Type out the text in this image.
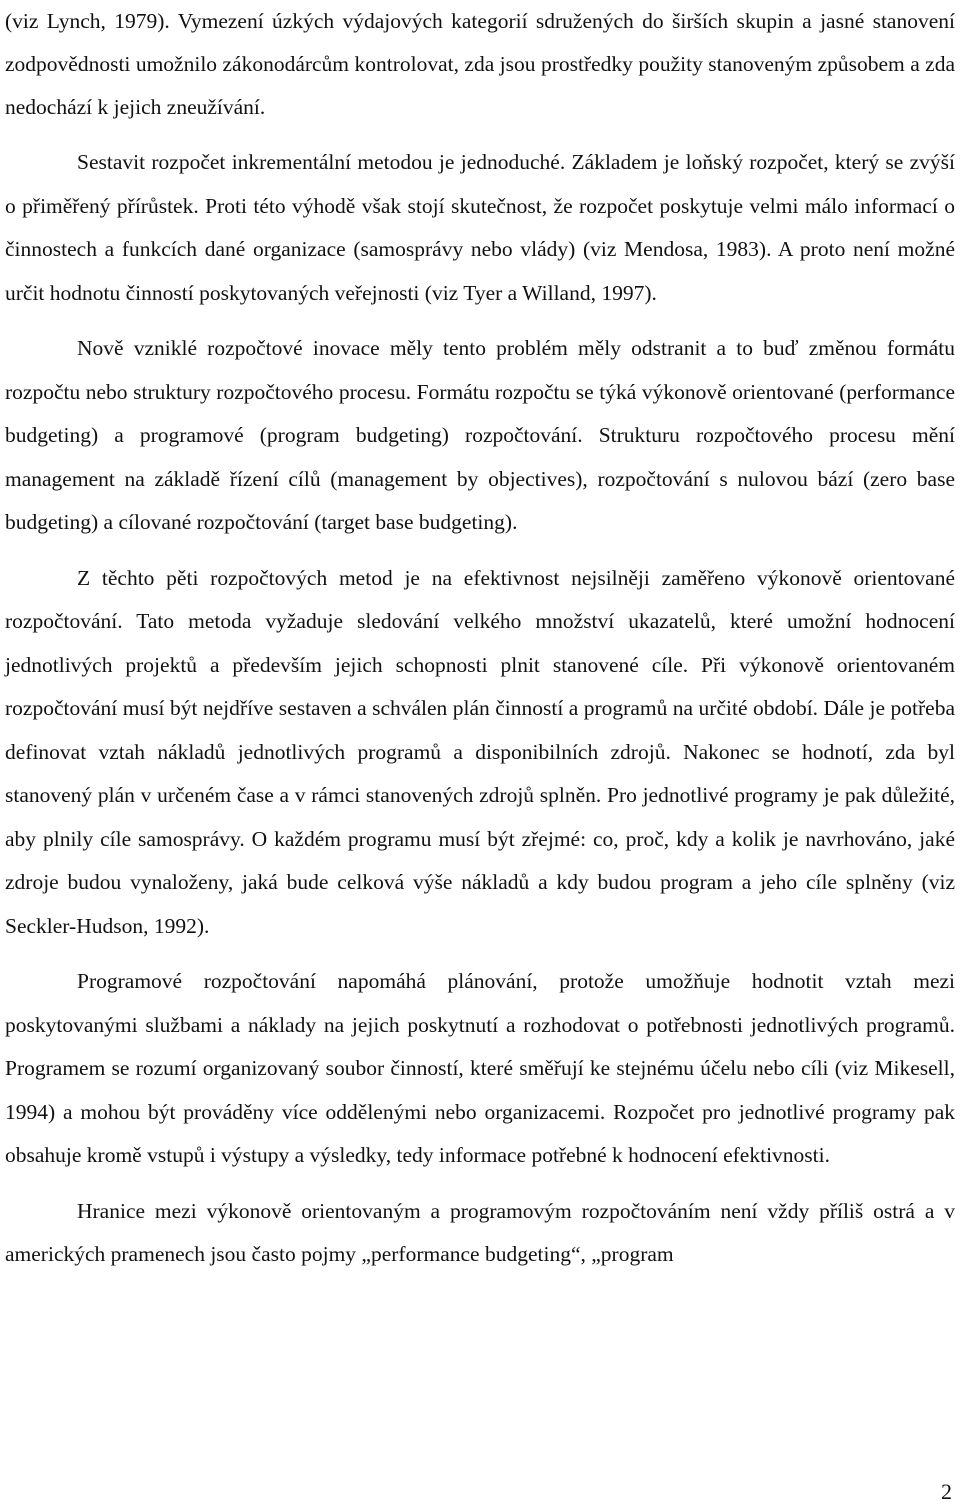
(viz Lynch, 1979). Vymezení úzkých výdajových kategorií sdružených do širších skupin a jasné stanovení zodpovědnosti umožnilo zákonodárcům kontrolovat, zda jsou prostředky použity stanoveným způsobem a zda nedochází k jejich zneužívání.

Sestavit rozpočet inkrementální metodou je jednoduché. Základem je loňský rozpočet, který se zvýší o přiměřený přírůstek. Proti této výhodě však stojí skutečnost, že rozpočet poskytuje velmi málo informací o činnostech a funkcích dané organizace (samosprávy nebo vlády) (viz Mendosa, 1983). A proto není možné určit hodnotu činností poskytovaných veřejnosti (viz Tyer a Willand, 1997).

Nově vzniklé rozpočtové inovace měly tento problém měly odstranit a to buď změnou formátu rozpočtu nebo struktury rozpočtového procesu. Formátu rozpočtu se týká výkonově orientované (performance budgeting) a programové (program budgeting) rozpočtování. Strukturu rozpočtového procesu mění management na základě řízení cílů (management by objectives), rozpočtování s nulovou bází (zero base budgeting) a cílované rozpočtování (target base budgeting).

Z těchto pěti rozpočtových metod je na efektivnost nejsilněji zaměřeno výkonově orientované rozpočtování. Tato metoda vyžaduje sledování velkého množství ukazatelů, které umožní hodnocení jednotlivých projektů a především jejich schopnosti plnit stanovené cíle. Při výkonově orientovaném rozpočtování musí být nejdříve sestaven a schválen plán činností a programů na určité období. Dále je potřeba definovat vztah nákladů jednotlivých programů a disponibilních zdrojů. Nakonec se hodnotí, zda byl stanovený plán v určeném čase a v rámci stanovených zdrojů splněn. Pro jednotlivé programy je pak důležité, aby plnily cíle samosprávy. O každém programu musí být zřejmé: co, proč, kdy a kolik je navrhováno, jaké zdroje budou vynaloženy, jaká bude celková výše nákladů a kdy budou program a jeho cíle splněny (viz Seckler-Hudson, 1992).

Programové rozpočtování napomáhá plánování, protože umožňuje hodnotit vztah mezi poskytovanými službami a náklady na jejich poskytnutí a rozhodovat o potřebnosti jednotlivých programů. Programem se rozumí organizovaný soubor činností, které směřují ke stejnému účelu nebo cíli (viz Mikesell, 1994) a mohou být prováděny více oddělenými nebo organizacemi. Rozpočet pro jednotlivé programy pak obsahuje kromě vstupů i výstupy a výsledky, tedy informace potřebné k hodnocení efektivnosti.

Hranice mezi výkonově orientovaným a programovým rozpočtováním není vždy příliš ostrá a v amerických pramenech jsou často pojmy „performance budgeting“, „program

2
